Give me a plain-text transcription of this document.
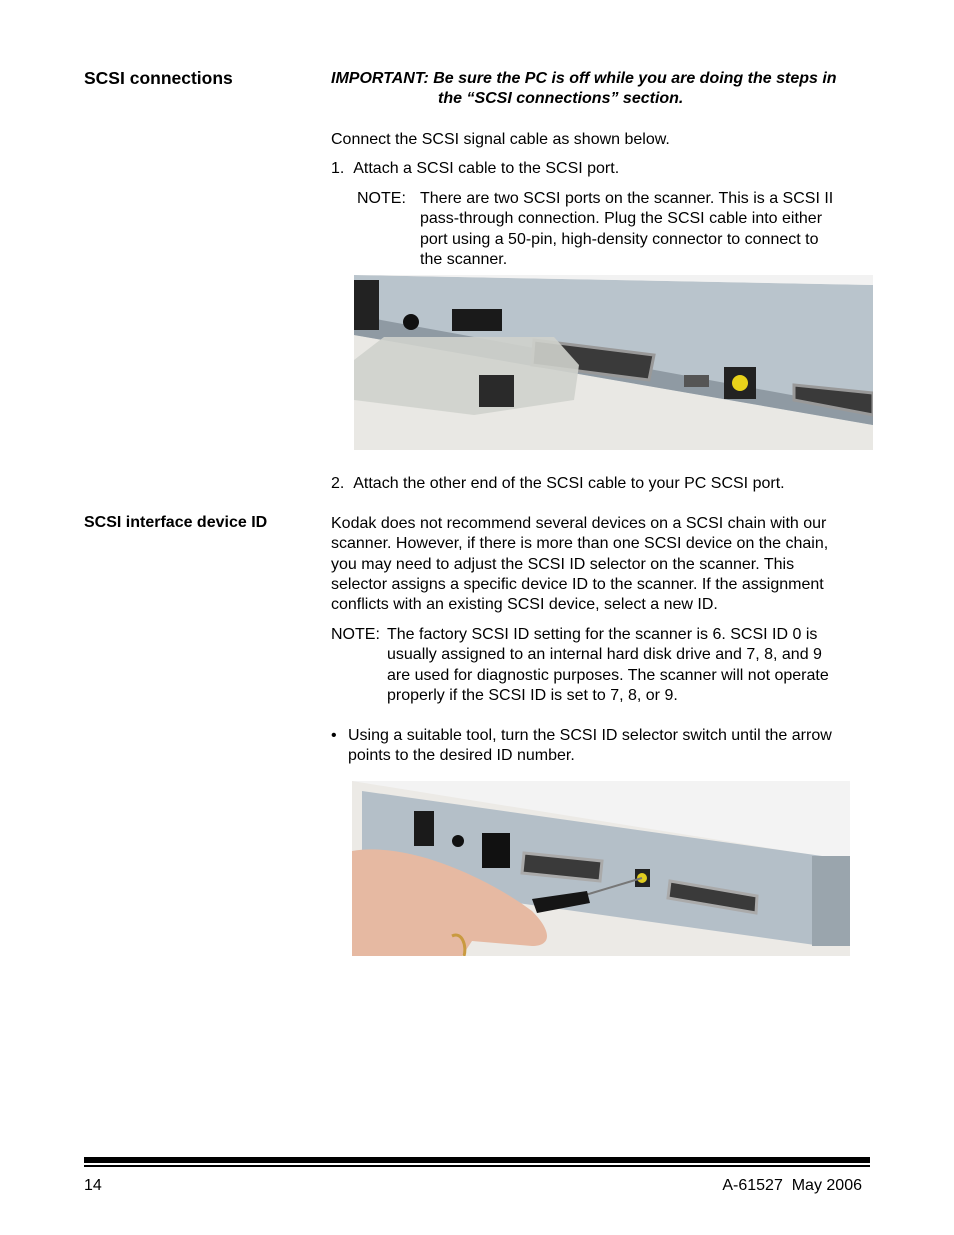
SCSI connections	IMPORTANT: Be sure the PC is off while you are doing the steps in
the “SCSI connections” section.
Connect the SCSI signal cable as shown below.
1. Attach a SCSI cable to the SCSI port.
NOTE: There are two SCSI ports on the scanner. This is a SCSI II
pass-through connection. Plug the SCSI cable into either
port using a 50-pin, high-density connector to connect to
the scanner.
2. Attach the other end of the SCSI cable to your PC SCSI port.
SCSI interface device ID	Kodak does not recommend several devices on a SCSI chain with our
scanner. However, if there is more than one SCSI device on the chain,
you may need to adjust the SCSI ID selector on the scanner. This
selector assigns a specific device ID to the scanner. If the assignment
conflicts with an existing SCSI device, select a new ID.
NOTE: The factory SCSI ID setting for the scanner is 6. SCSI ID 0 is
usually assigned to an internal hard disk drive and 7, 8, and 9
are used for diagnostic purposes. The scanner will not operate
properly if the SCSI ID is set to 7, 8, or 9.
• Using a suitable tool, turn the SCSI ID selector switch until the arrow
points to the desired ID number.
14	A-61527  May 2006
